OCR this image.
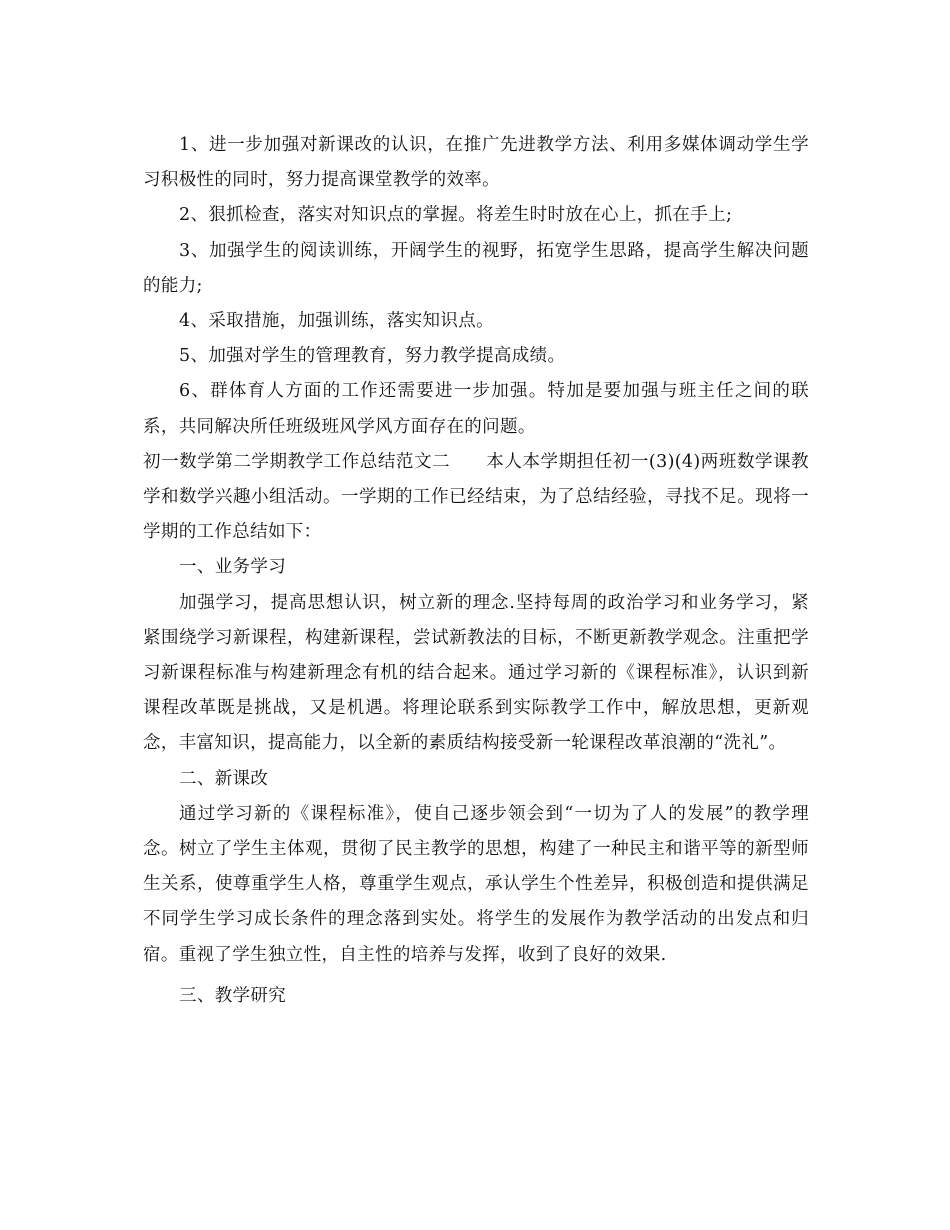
1、进一步加强对新课改的认识，在推广先进教学方法、利用多媒体调动学生学习积极性的同时，努力提高课堂教学的效率。

2、狠抓检查，落实对知识点的掌握。将差生时时放在心上，抓在手上;

3、加强学生的阅读训练，开阔学生的视野，拓宽学生思路，提高学生解决问题的能力;

4、采取措施，加强训练，落实知识点。

5、加强对学生的管理教育，努力教学提高成绩。

6、群体育人方面的工作还需要进一步加强。特加是要加强与班主任之间的联系，共同解决所任班级班风学风方面存在的问题。

初一数学第二学期教学工作总结范文二　　本人本学期担任初一(3)(4)两班数学课教学和数学兴趣小组活动。一学期的工作已经结束，为了总结经验，寻找不足。现将一学期的工作总结如下：

一、业务学习

加强学习，提高思想认识，树立新的理念.坚持每周的政治学习和业务学习，紧紧围绕学习新课程，构建新课程，尝试新教法的目标，不断更新教学观念。注重把学习新课程标准与构建新理念有机的结合起来。通过学习新的《课程标准》，认识到新课程改革既是挑战，又是机遇。将理论联系到实际教学工作中，解放思想，更新观念，丰富知识，提高能力，以全新的素质结构接受新一轮课程改革浪潮的“洗礼”。

二、新课改

通过学习新的《课程标准》，使自己逐步领会到“一切为了人的发展”的教学理念。树立了学生主体观，贯彻了民主教学的思想，构建了一种民主和谐平等的新型师生关系，使尊重学生人格，尊重学生观点，承认学生个性差异，积极创造和提供满足不同学生学习成长条件的理念落到实处。将学生的发展作为教学活动的出发点和归宿。重视了学生独立性，自主性的培养与发挥，收到了良好的效果.

三、教学研究
